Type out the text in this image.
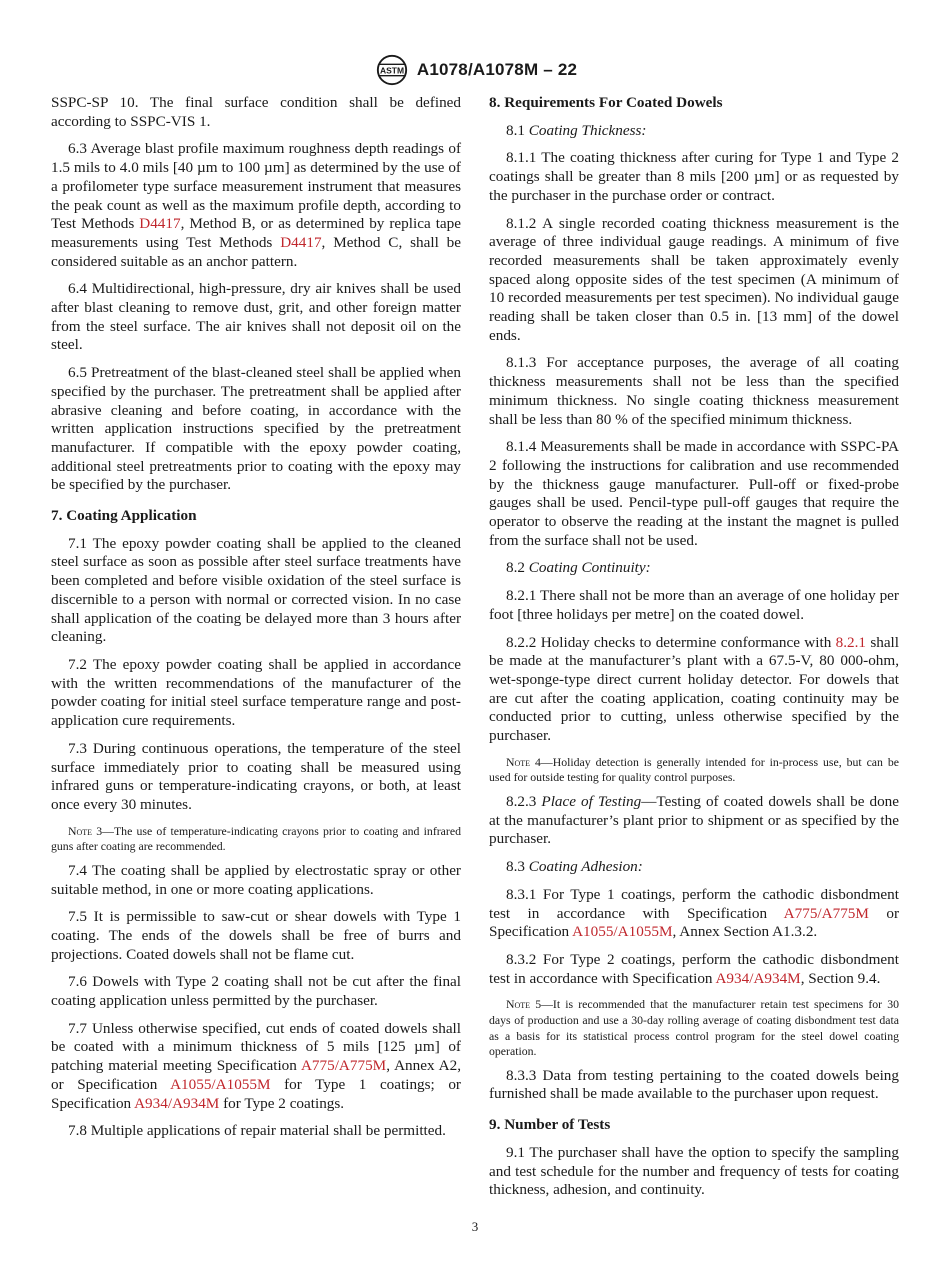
ASTM A1078/A1078M – 22

SSPC-SP 10. The final surface condition shall be defined according to SSPC-VIS 1.

6.3 Average blast profile maximum roughness depth readings of 1.5 mils to 4.0 mils [40 µm to 100 µm] as determined by the use of a profilometer type surface measurement instrument that measures the peak count as well as the maximum profile depth, according to Test Methods D4417, Method B, or as determined by replica tape measurements using Test Methods D4417, Method C, shall be considered suitable as an anchor pattern.

6.4 Multidirectional, high-pressure, dry air knives shall be used after blast cleaning to remove dust, grit, and other foreign matter from the steel surface. The air knives shall not deposit oil on the steel.

6.5 Pretreatment of the blast-cleaned steel shall be applied when specified by the purchaser. The pretreatment shall be applied after abrasive cleaning and before coating, in accordance with the written application instructions specified by the pretreatment manufacturer. If compatible with the epoxy powder coating, additional steel pretreatments prior to coating with the epoxy may be specified by the purchaser.

7. Coating Application

7.1 The epoxy powder coating shall be applied to the cleaned steel surface as soon as possible after steel surface treatments have been completed and before visible oxidation of the steel surface is discernible to a person with normal or corrected vision. In no case shall application of the coating be delayed more than 3 hours after cleaning.

7.2 The epoxy powder coating shall be applied in accordance with the written recommendations of the manufacturer of the powder coating for initial steel surface temperature range and post-application cure requirements.

7.3 During continuous operations, the temperature of the steel surface immediately prior to coating shall be measured using infrared guns or temperature-indicating crayons, or both, at least once every 30 minutes.

Note 3—The use of temperature-indicating crayons prior to coating and infrared guns after coating are recommended.

7.4 The coating shall be applied by electrostatic spray or other suitable method, in one or more coating applications.

7.5 It is permissible to saw-cut or shear dowels with Type 1 coating. The ends of the dowels shall be free of burrs and projections. Coated dowels shall not be flame cut.

7.6 Dowels with Type 2 coating shall not be cut after the final coating application unless permitted by the purchaser.

7.7 Unless otherwise specified, cut ends of coated dowels shall be coated with a minimum thickness of 5 mils [125 µm] of patching material meeting Specification A775/A775M, Annex A2, or Specification A1055/A1055M for Type 1 coatings; or Specification A934/A934M for Type 2 coatings.

7.8 Multiple applications of repair material shall be permitted.

8. Requirements For Coated Dowels

8.1 Coating Thickness:

8.1.1 The coating thickness after curing for Type 1 and Type 2 coatings shall be greater than 8 mils [200 µm] or as requested by the purchaser in the purchase order or contract.

8.1.2 A single recorded coating thickness measurement is the average of three individual gauge readings. A minimum of five recorded measurements shall be taken approximately evenly spaced along opposite sides of the test specimen (A minimum of 10 recorded measurements per test specimen). No individual gauge reading shall be taken closer than 0.5 in. [13 mm] of the dowel ends.

8.1.3 For acceptance purposes, the average of all coating thickness measurements shall not be less than the specified minimum thickness. No single coating thickness measurement shall be less than 80 % of the specified minimum thickness.

8.1.4 Measurements shall be made in accordance with SSPC-PA 2 following the instructions for calibration and use recommended by the thickness gauge manufacturer. Pull-off or fixed-probe gauges shall be used. Pencil-type pull-off gauges that require the operator to observe the reading at the instant the magnet is pulled from the surface shall not be used.

8.2 Coating Continuity:

8.2.1 There shall not be more than an average of one holiday per foot [three holidays per metre] on the coated dowel.

8.2.2 Holiday checks to determine conformance with 8.2.1 shall be made at the manufacturer’s plant with a 67.5-V, 80 000-ohm, wet-sponge-type direct current holiday detector. For dowels that are cut after the coating application, coating continuity may be conducted prior to cutting, unless otherwise specified by the purchaser.

Note 4—Holiday detection is generally intended for in-process use, but can be used for outside testing for quality control purposes.

8.2.3 Place of Testing—Testing of coated dowels shall be done at the manufacturer’s plant prior to shipment or as specified by the purchaser.

8.3 Coating Adhesion:

8.3.1 For Type 1 coatings, perform the cathodic disbondment test in accordance with Specification A775/A775M or Specification A1055/A1055M, Annex Section A1.3.2.

8.3.2 For Type 2 coatings, perform the cathodic disbondment test in accordance with Specification A934/A934M, Section 9.4.

Note 5—It is recommended that the manufacturer retain test specimens for 30 days of production and use a 30-day rolling average of coating disbondment test data as a basis for its statistical process control program for the steel dowel coating operation.

8.3.3 Data from testing pertaining to the coated dowels being furnished shall be made available to the purchaser upon request.

9. Number of Tests

9.1 The purchaser shall have the option to specify the sampling and test schedule for the number and frequency of tests for coating thickness, adhesion, and continuity.

3
